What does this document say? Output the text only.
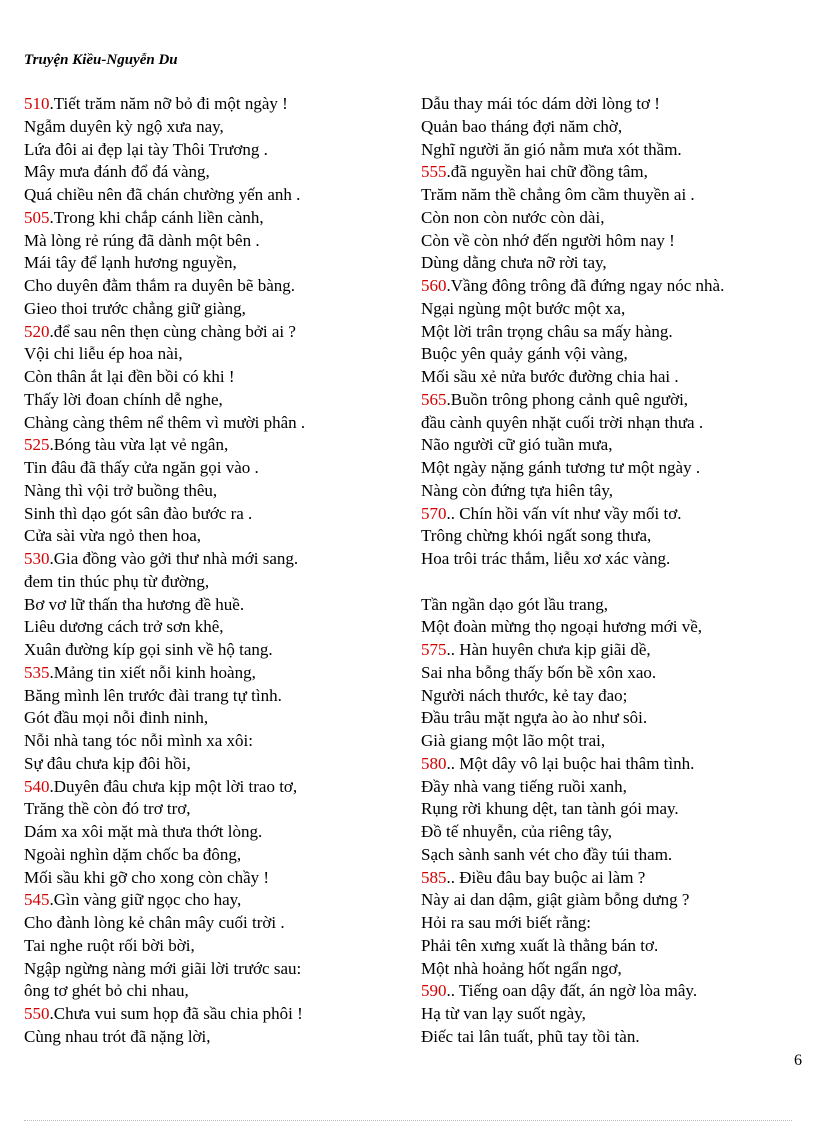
Truyện Kiều-Nguyễn Du
510.Tiết trăm năm nỡ bỏ đi một ngày !
Ngẫm duyên kỳ ngộ xưa nay,
Lứa đôi ai đẹp lại tày Thôi Trương .
Mây mưa đánh đổ đá vàng,
Quá chiều nên đã chán chường yến anh .
505.Trong khi chắp cánh liền cành,
Mà lòng rẻ rúng đã dành một bên .
Mái tây để lạnh hương nguyền,
Cho duyên đằm thắm ra duyên bẽ bàng.
Gieo thoi trước chẳng giữ giàng,
520.để sau nên thẹn cùng chàng bởi ai ?
Vội chi liễu ép hoa nài,
Còn thân ắt lại đền bồi có khi !
Thấy lời đoan chính dễ nghe,
Chàng càng thêm nể thêm vì mười phân .
525.Bóng tàu vừa lạt vẻ ngân,
Tin đâu đã thấy cửa ngăn gọi vào .
Nàng thì vội trở buồng thêu,
Sinh thì dạo gót sân đào bước ra .
Cửa sài vừa ngỏ then hoa,
530.Gia đồng vào gởi thư nhà mới sang.
đem tin thúc phụ từ đường,
Bơ vơ lữ thấn tha hương đề huề.
Liêu dương cách trở sơn khê,
Xuân đường kíp gọi sinh về hộ tang.
535.Mảng tin xiết nỗi kinh hoàng,
Băng mình lên trước đài trang tự tình.
Gót đầu mọi nỗi đinh ninh,
Nỗi nhà tang tóc nỗi mình xa xôi:
Sự đâu chưa kịp đôi hồi,
540.Duyên đâu chưa kịp một lời trao tơ,
Trăng thề còn đó trơ trơ,
Dám xa xôi mặt mà thưa thớt lòng.
Ngoài nghìn dặm chốc ba đông,
Mối sầu khi gỡ cho xong còn chầy !
545.Gìn vàng giữ ngọc cho hay,
Cho đành lòng kẻ chân mây cuối trời .
Tai nghe ruột rối bời bời,
Ngập ngừng nàng mới giãi lời trước sau:
ông tơ ghét bỏ chi nhau,
550.Chưa vui sum họp đã sầu chia phôi !
Cùng nhau trót đã nặng lời,
Dẫu thay mái tóc dám dời lòng tơ !
Quản bao tháng đợi năm chờ,
Nghĩ người ăn gió nằm mưa xót thầm.
555.đã nguyền hai chữ đồng tâm,
Trăm năm thề chẳng ôm cầm thuyền ai .
Còn non còn nước còn dài,
Còn về còn nhớ đến người hôm nay !
Dùng dằng chưa nỡ rời tay,
560.Vầng đông trông đã đứng ngay nóc nhà.
Ngại ngùng một bước một xa,
Một lời trân trọng châu sa mấy hàng.
Buộc yên quảy gánh vội vàng,
Mối sầu xẻ nửa bước đường chia hai .
565.Buồn trông phong cảnh quê người,
đầu cành quyên nhặt cuối trời nhạn thưa .
Não người cữ gió tuần mưa,
Một ngày nặng gánh tương tư một ngày .
Nàng còn đứng tựa hiên tây,
570.. Chín hồi vấn vít như vầy mối tơ.
Trông chừng khói ngất song thưa,
Hoa trôi trác thắm, liễu xơ xác vàng.
Tần ngần dạo gót lầu trang,
Một đoàn mừng thọ ngoại hương mới về,
575.. Hàn huyên chưa kịp giãi dề,
Sai nha bỗng thấy bốn bề xôn xao.
Người nách thước, kẻ tay đao;
Đầu trâu mặt ngựa ào ào như sôi.
Già giang một lão một trai,
580.. Một dây vô lại buộc hai thâm tình.
Đầy nhà vang tiếng ruồi xanh,
Rụng rời khung dệt, tan tành gói may.
Đồ tế nhuyễn, của riêng tây,
Sạch sành sanh vét cho đầy túi tham.
585.. Điều đâu bay buộc ai làm ?
Này ai dan dậm, giật giàm bỗng dưng ?
Hỏi ra sau mới biết rằng:
Phải tên xưng xuất là thằng bán tơ.
Một nhà hoảng hốt ngẩn ngơ,
590.. Tiếng oan dậy đất, án ngờ lòa mây.
Hạ từ van lạy suốt ngày,
Điếc tai lân tuất, phũ tay tồi tàn.
6
